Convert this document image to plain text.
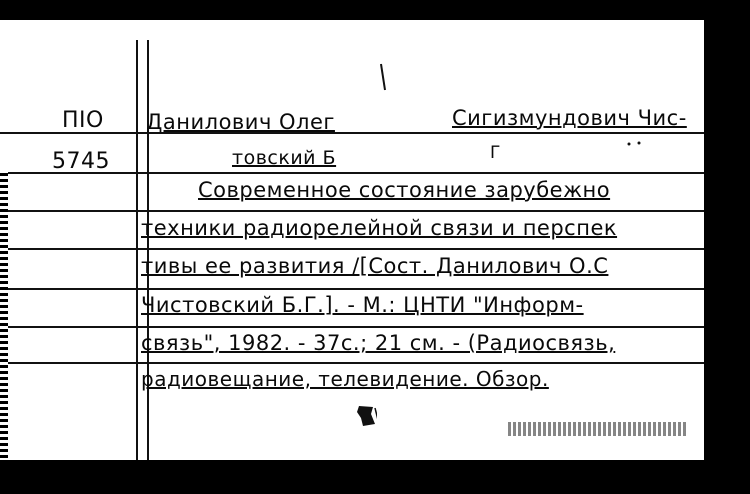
ПIO
5745
Данилович Олег	Сигизмундович Чис-
товский Б	Г
Современное состояние зарубежно
техники радиорелейной связи и перспек
тивы ее развития /[Сост. Данилович О.С
Чистовский Б.Г.]. - М.: ЦНТИ "Информ-
связь", 1982. - 37с.; 21 см. - (Радиосвязь,
радиовещание, телевидение. Обзор.
